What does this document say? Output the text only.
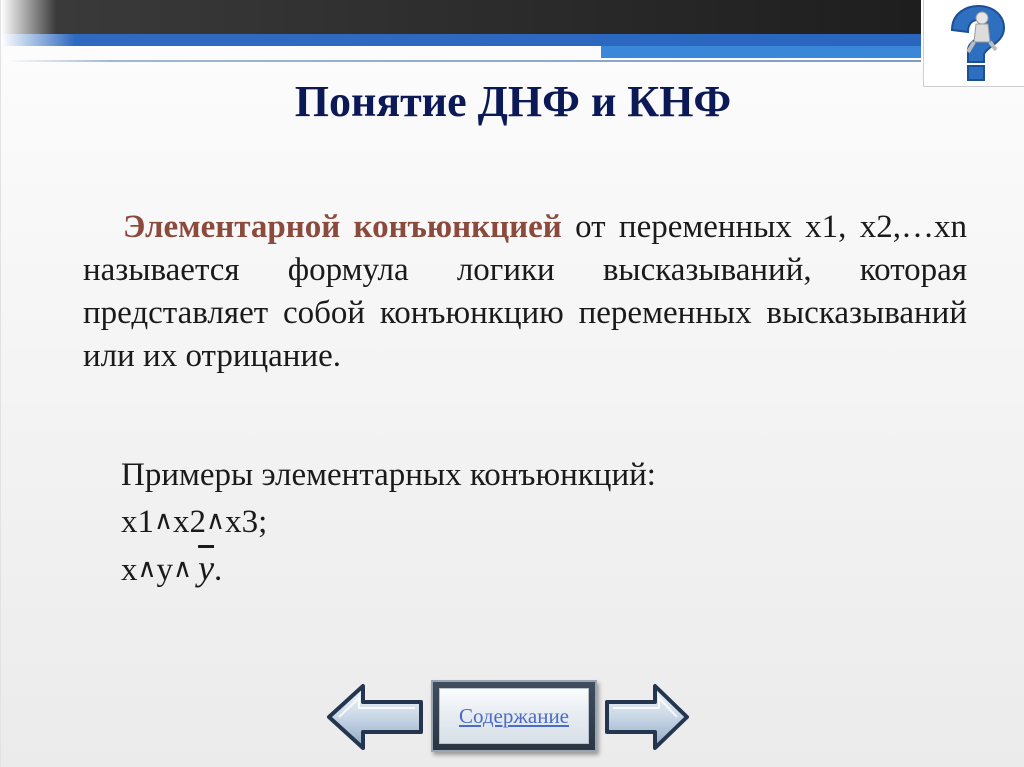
Понятие ДНФ и КНФ
Элементарной конъюнкцией от переменных х1, х2,…хn называется формула логики высказываний, которая представляет собой конъюнкцию переменных высказываний или их отрицание.
Примеры элементарных конъюнкций:
х1∧х2∧х3;
х∧у∧ $\overline{y}$.
Содержание
